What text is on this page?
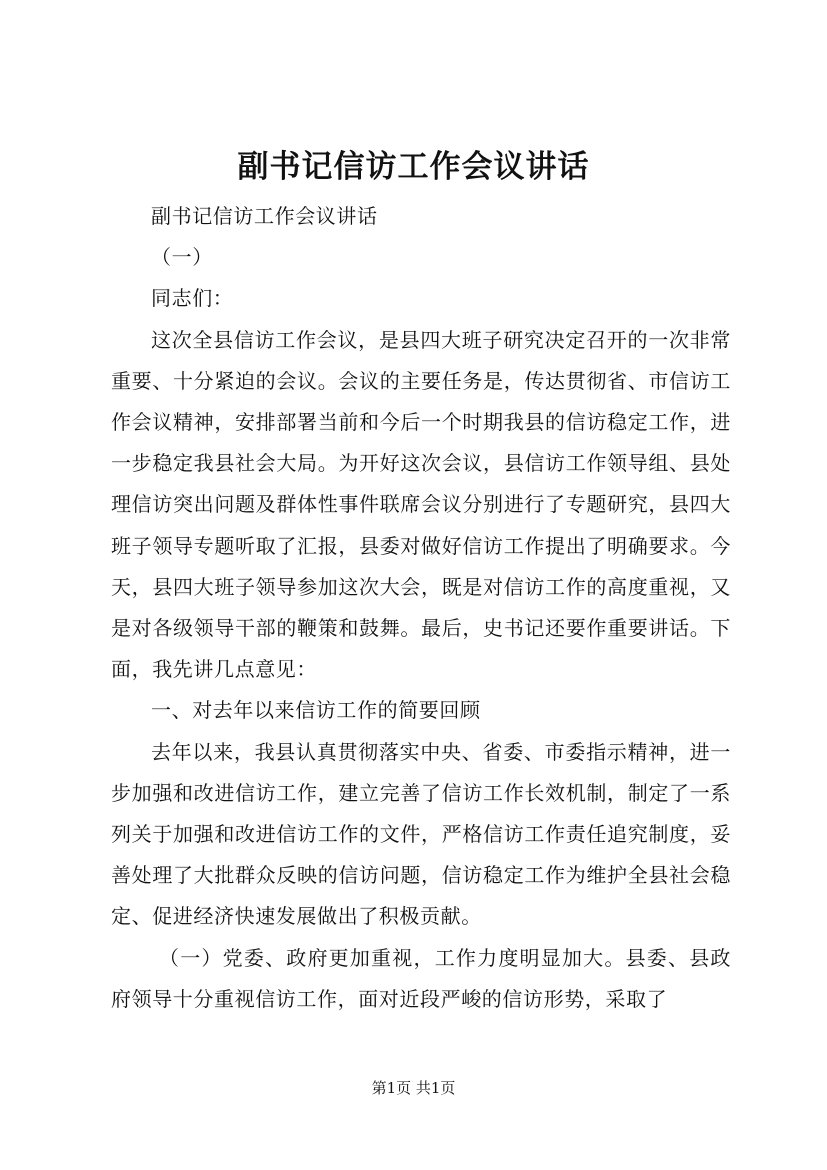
副书记信访工作会议讲话

副书记信访工作会议讲话

（一）

同志们：

这次全县信访工作会议，是县四大班子研究决定召开的一次非常重要、十分紧迫的会议。会议的主要任务是，传达贯彻省、市信访工作会议精神，安排部署当前和今后一个时期我县的信访稳定工作，进一步稳定我县社会大局。为开好这次会议，县信访工作领导组、县处理信访突出问题及群体性事件联席会议分别进行了专题研究，县四大班子领导专题听取了汇报，县委对做好信访工作提出了明确要求。今天，县四大班子领导参加这次大会，既是对信访工作的高度重视，又是对各级领导干部的鞭策和鼓舞。最后，史书记还要作重要讲话。下面，我先讲几点意见：

一、对去年以来信访工作的简要回顾

去年以来，我县认真贯彻落实中央、省委、市委指示精神，进一步加强和改进信访工作，建立完善了信访工作长效机制，制定了一系列关于加强和改进信访工作的文件，严格信访工作责任追究制度，妥善处理了大批群众反映的信访问题，信访稳定工作为维护全县社会稳定、促进经济快速发展做出了积极贡献。

（一）党委、政府更加重视，工作力度明显加大。县委、县政府领导十分重视信访工作，面对近段严峻的信访形势，采取了

第1页 共1页
